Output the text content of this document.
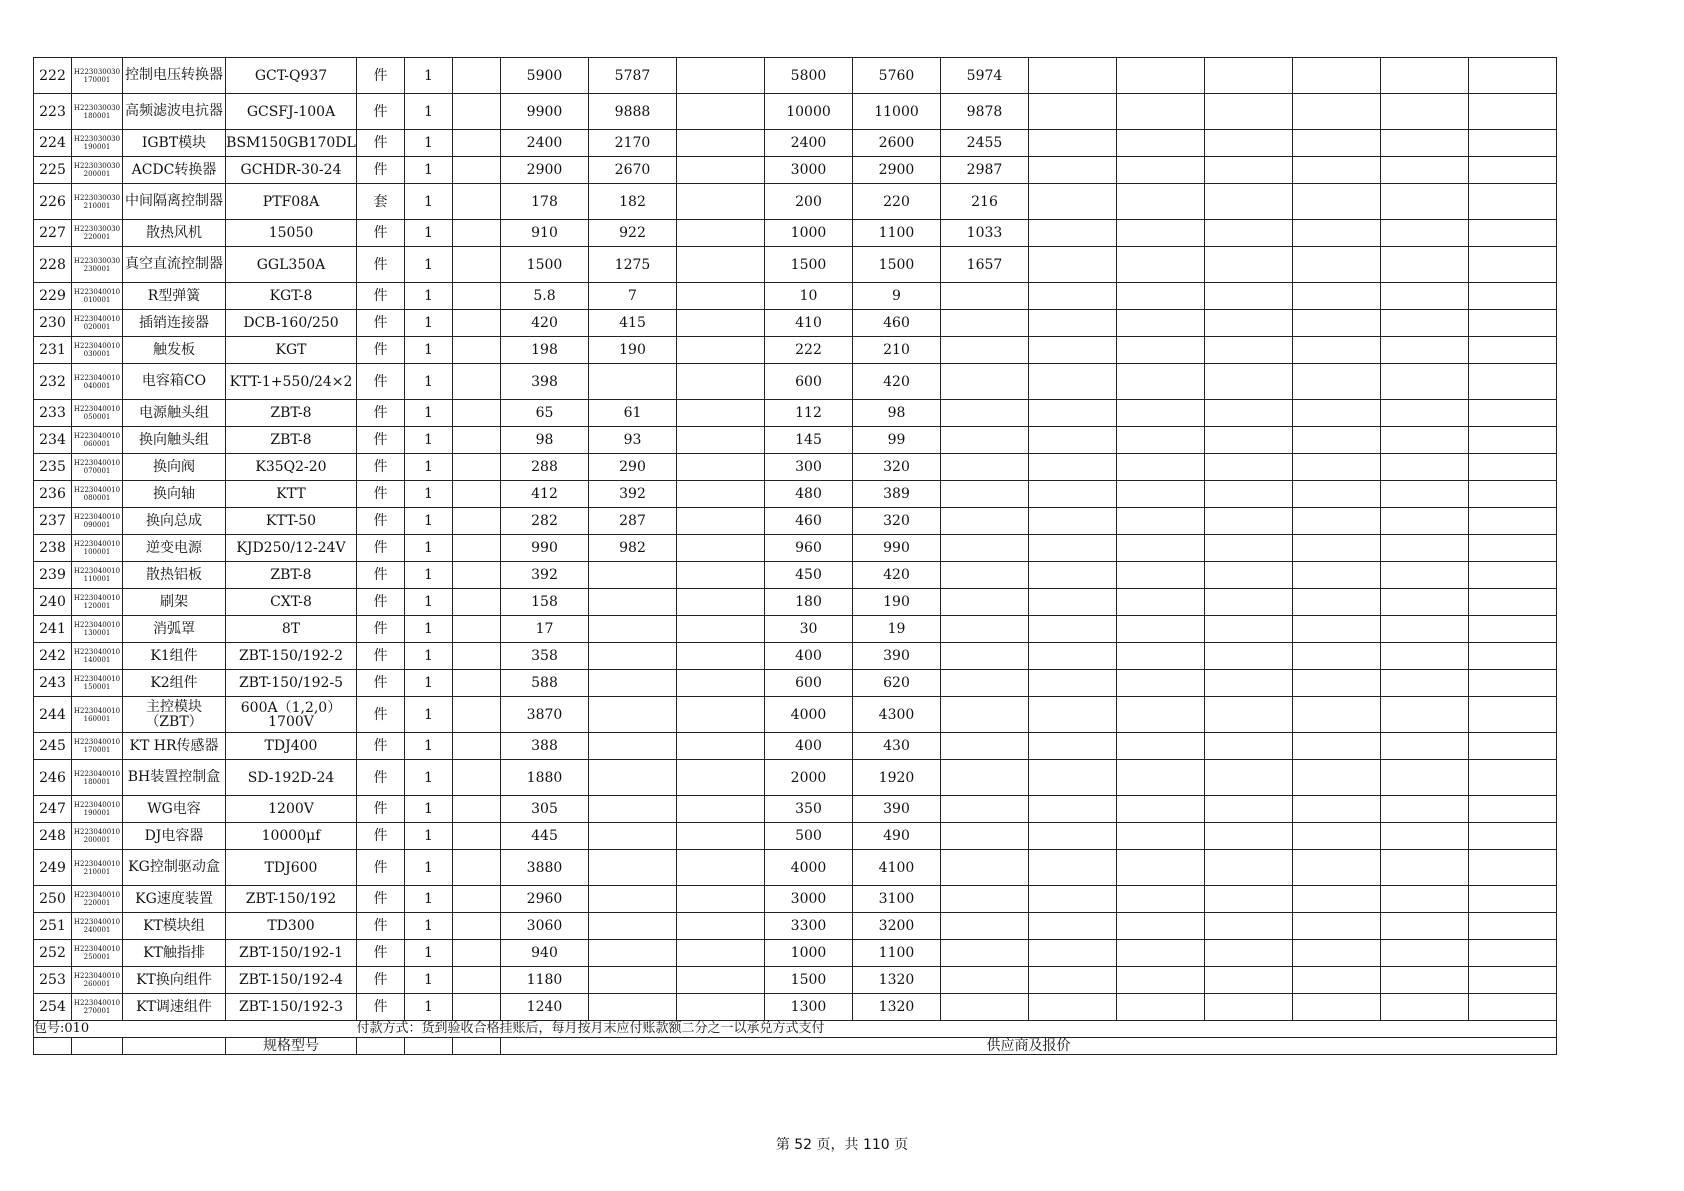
222	H223030030170001	控制电压转换器	GCT-Q937	件	1		5900	5787		5800	5760	5974						
223	H223030030180001	高频滤波电抗器	GCSFJ-100A	件	1		9900	9888		10000	11000	9878						
224	H223030030190001	IGBT模块	BSM150GB170DL	件	1		2400	2170		2400	2600	2455						
225	H223030030200001	ACDC转换器	GCHDR-30-24	件	1		2900	2670		3000	2900	2987						
226	H223030030210001	中间隔离控制器	PTF08A	套	1		178	182		200	220	216						
227	H223030030220001	散热风机	15050	件	1		910	922		1000	1100	1033						
228	H223030030230001	真空直流控制器	GGL350A	件	1		1500	1275		1500	1500	1657						
229	H223040010010001	R型弹簧	KGT-8	件	1		5.8	7		10	9							
230	H223040010020001	插销连接器	DCB-160/250	件	1		420	415		410	460							
231	H223040010030001	触发板	KGT	件	1		198	190		222	210							
232	H223040010040001	电容箱CO	KTT-1+550/24×2	件	1		398			600	420							
233	H223040010050001	电源触头组	ZBT-8	件	1		65	61		112	98							
234	H223040010060001	换向触头组	ZBT-8	件	1		98	93		145	99							
235	H223040010070001	换向阀	K35Q2-20	件	1		288	290		300	320							
236	H223040010080001	换向轴	KTT	件	1		412	392		480	389							
237	H223040010090001	换向总成	KTT-50	件	1		282	287		460	320							
238	H223040010100001	逆变电源	KJD250/12-24V	件	1		990	982		960	990							
239	H223040010110001	散热铝板	ZBT-8	件	1		392			450	420							
240	H223040010120001	刷架	CXT-8	件	1		158			180	190							
241	H223040010130001	消弧罩	8T	件	1		17			30	19							
242	H223040010140001	K1组件	ZBT-150/192-2	件	1		358			400	390							
243	H223040010150001	K2组件	ZBT-150/192-5	件	1		588			600	620							
244	H223040010160001	主控模块（ZBT）	600A（1,2,0）1700V	件	1		3870			4000	4300							
245	H223040010170001	KT HR传感器	TDJ400	件	1		388			400	430							
246	H223040010180001	BH装置控制盒	SD-192D-24	件	1		1880			2000	1920							
247	H223040010190001	WG电容	1200V	件	1		305			350	390							
248	H223040010200001	DJ电容器	10000μf	件	1		445			500	490							
249	H223040010210001	KG控制驱动盒	TDJ600	件	1		3880			4000	4100							
250	H223040010220001	KG速度装置	ZBT-150/192	件	1		2960			3000	3100							
251	H223040010240001	KT模块组	TD300	件	1		3060			3300	3200							
252	H223040010250001	KT触指排	ZBT-150/192-1	件	1		940			1000	1100							
253	H223040010260001	KT换向组件	ZBT-150/192-4	件	1		1180			1500	1320							
254	H223040010270001	KT调速组件	ZBT-150/192-3	件	1		1240			1300	1320							
包号:010				付款方式：货到验收合格挂账后，每月按月末应付账款额二分之一以承兑方式支付														
			规格型号				供应商及报价											
第 52 页，共 110 页
